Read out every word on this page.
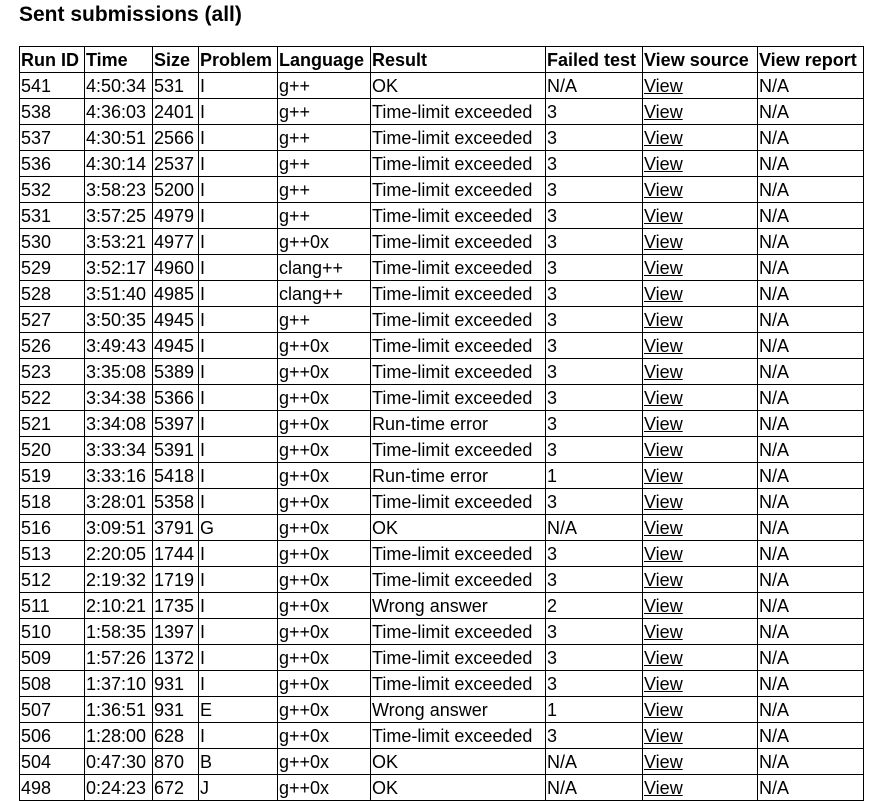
Sent submissions (all)
Run ID	Time	Size	Problem	Language	Result	Failed test	View source	View report
541	4:50:34	531	I	g++	OK	N/A	View	N/A
538	4:36:03	2401	I	g++	Time-limit exceeded	3	View	N/A
537	4:30:51	2566	I	g++	Time-limit exceeded	3	View	N/A
536	4:30:14	2537	I	g++	Time-limit exceeded	3	View	N/A
532	3:58:23	5200	I	g++	Time-limit exceeded	3	View	N/A
531	3:57:25	4979	I	g++	Time-limit exceeded	3	View	N/A
530	3:53:21	4977	I	g++0x	Time-limit exceeded	3	View	N/A
529	3:52:17	4960	I	clang++	Time-limit exceeded	3	View	N/A
528	3:51:40	4985	I	clang++	Time-limit exceeded	3	View	N/A
527	3:50:35	4945	I	g++	Time-limit exceeded	3	View	N/A
526	3:49:43	4945	I	g++0x	Time-limit exceeded	3	View	N/A
523	3:35:08	5389	I	g++0x	Time-limit exceeded	3	View	N/A
522	3:34:38	5366	I	g++0x	Time-limit exceeded	3	View	N/A
521	3:34:08	5397	I	g++0x	Run-time error	3	View	N/A
520	3:33:34	5391	I	g++0x	Time-limit exceeded	3	View	N/A
519	3:33:16	5418	I	g++0x	Run-time error	1	View	N/A
518	3:28:01	5358	I	g++0x	Time-limit exceeded	3	View	N/A
516	3:09:51	3791	G	g++0x	OK	N/A	View	N/A
513	2:20:05	1744	I	g++0x	Time-limit exceeded	3	View	N/A
512	2:19:32	1719	I	g++0x	Time-limit exceeded	3	View	N/A
511	2:10:21	1735	I	g++0x	Wrong answer	2	View	N/A
510	1:58:35	1397	I	g++0x	Time-limit exceeded	3	View	N/A
509	1:57:26	1372	I	g++0x	Time-limit exceeded	3	View	N/A
508	1:37:10	931	I	g++0x	Time-limit exceeded	3	View	N/A
507	1:36:51	931	E	g++0x	Wrong answer	1	View	N/A
506	1:28:00	628	I	g++0x	Time-limit exceeded	3	View	N/A
504	0:47:30	870	B	g++0x	OK	N/A	View	N/A
498	0:24:23	672	J	g++0x	OK	N/A	View	N/A
